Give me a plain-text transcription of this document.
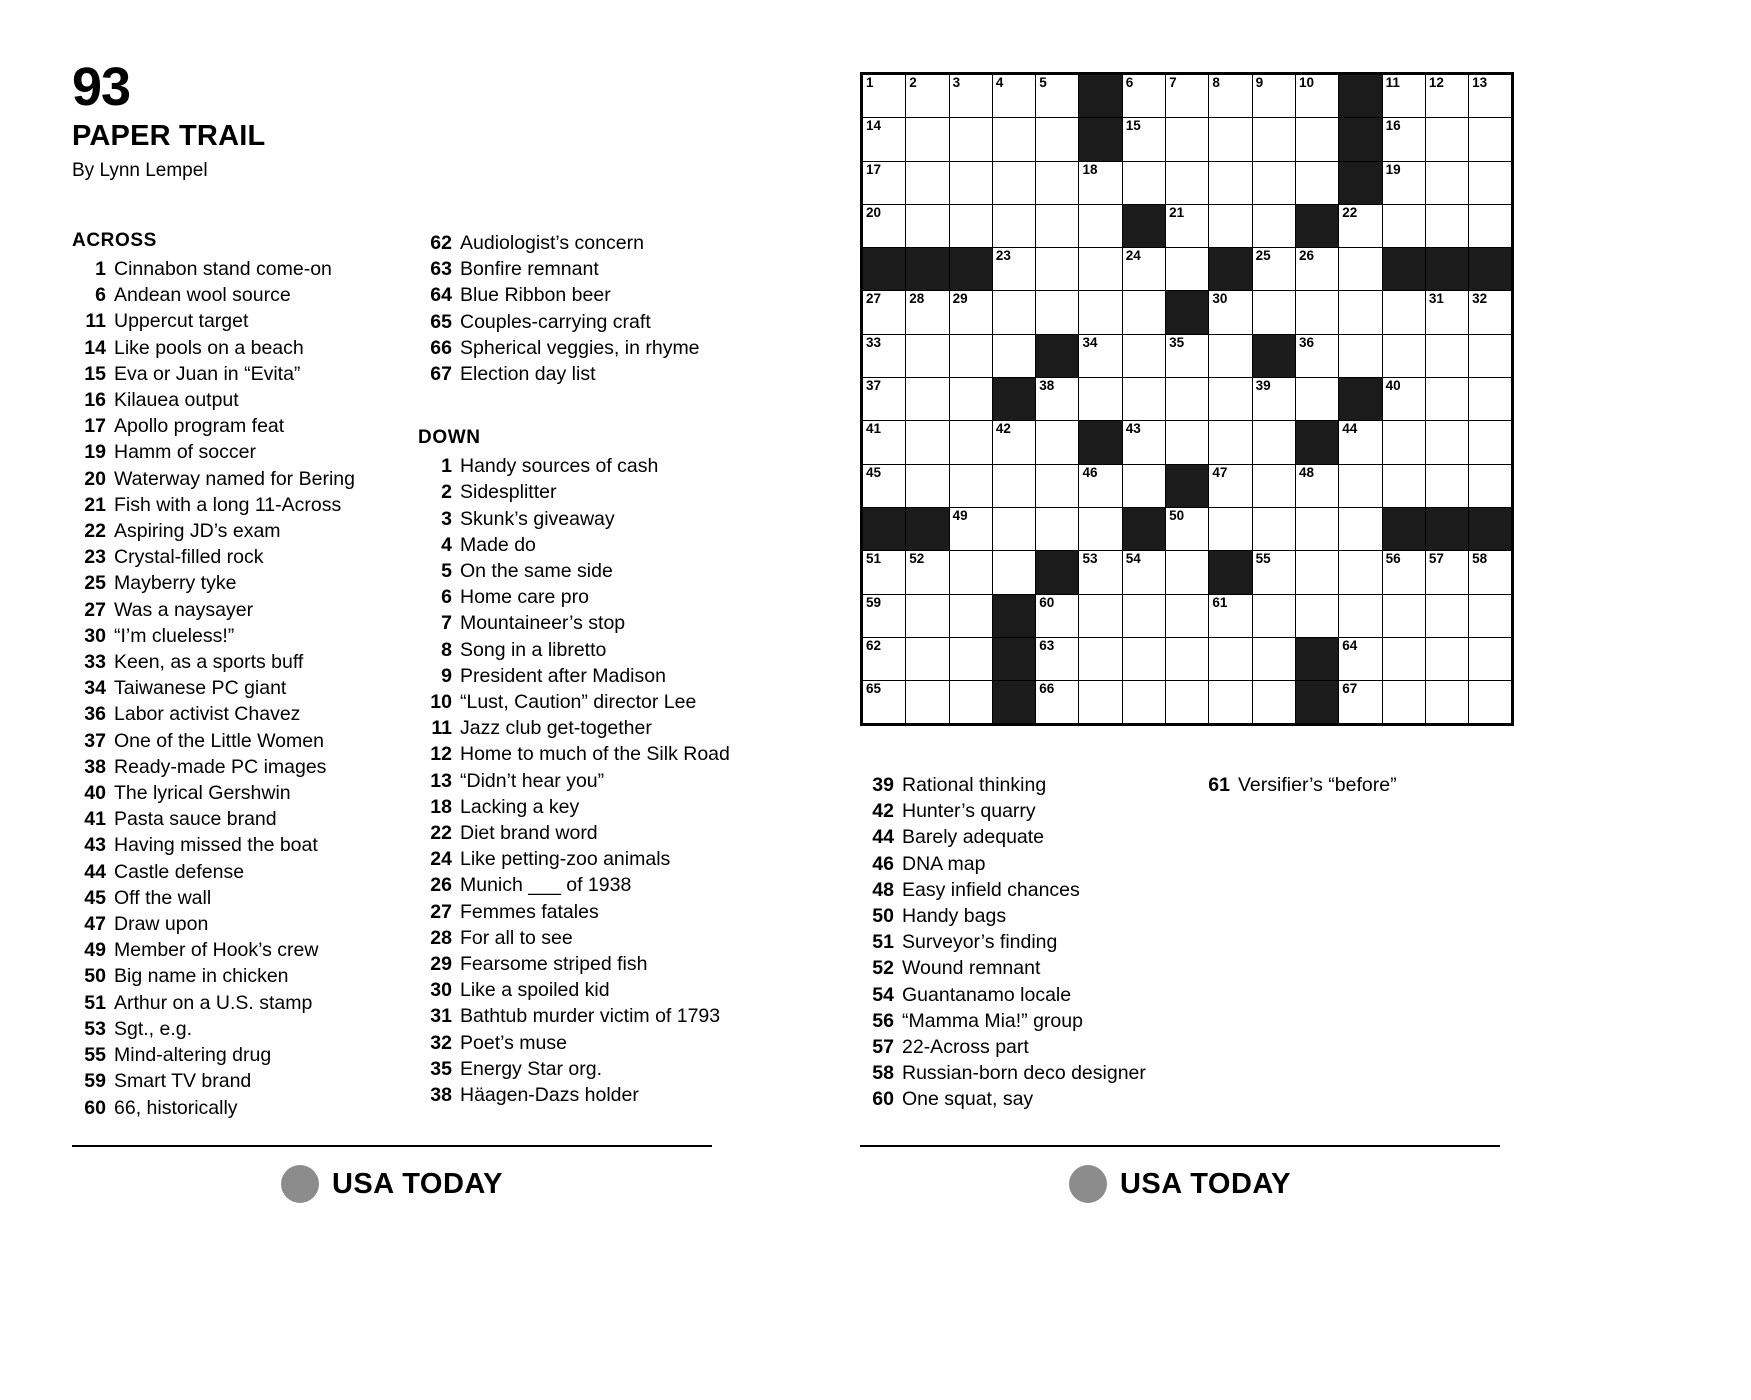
93
PAPER TRAIL
By Lynn Lempel
ACROSS
1 Cinnabon stand come-on
6 Andean wool source
11 Uppercut target
14 Like pools on a beach
15 Eva or Juan in “Evita”
16 Kilauea output
17 Apollo program feat
19 Hamm of soccer
20 Waterway named for Bering
21 Fish with a long 11-Across
22 Aspiring JD’s exam
23 Crystal-filled rock
25 Mayberry tyke
27 Was a naysayer
30 “I’m clueless!”
33 Keen, as a sports buff
34 Taiwanese PC giant
36 Labor activist Chavez
37 One of the Little Women
38 Ready-made PC images
40 The lyrical Gershwin
41 Pasta sauce brand
43 Having missed the boat
44 Castle defense
45 Off the wall
47 Draw upon
49 Member of Hook’s crew
50 Big name in chicken
51 Arthur on a U.S. stamp
53 Sgt., e.g.
55 Mind-altering drug
59 Smart TV brand
60 66, historically
62 Audiologist’s concern
63 Bonfire remnant
64 Blue Ribbon beer
65 Couples-carrying craft
66 Spherical veggies, in rhyme
67 Election day list
DOWN
1 Handy sources of cash
2 Sidesplitter
3 Skunk’s giveaway
4 Made do
5 On the same side
6 Home care pro
7 Mountaineer’s stop
8 Song in a libretto
9 President after Madison
10 “Lust, Caution” director Lee
11 Jazz club get-together
12 Home to much of the Silk Road
13 “Didn’t hear you”
18 Lacking a key
22 Diet brand word
24 Like petting-zoo animals
26 Munich ___ of 1938
27 Femmes fatales
28 For all to see
29 Fearsome striped fish
30 Like a spoiled kid
31 Bathtub murder victim of 1793
32 Poet’s muse
35 Energy Star org.
38 Häagen-Dazs holder
USA TODAY
1	2	3	4	5		6	7	8	9	10		11	12	13

14						15						16		

17					18							19		

20							21				22			

			23			24			25	26				

27	28	29						30					31	32

33					34		35			36				

37				38					39			40		

41			42			43					44			

45					46			47		48				

		49					50							

51	52				53	54			55			56	57	58

59				60				61						

62				63							64			

65				66							67			

39 Rational thinking
42 Hunter’s quarry
44 Barely adequate
46 DNA map
48 Easy infield chances
50 Handy bags
51 Surveyor’s finding
52 Wound remnant
54 Guantanamo locale
56 “Mamma Mia!” group
57 22-Across part
58 Russian-born deco designer
60 One squat, say
61 Versifier’s “before”
USA TODAY
